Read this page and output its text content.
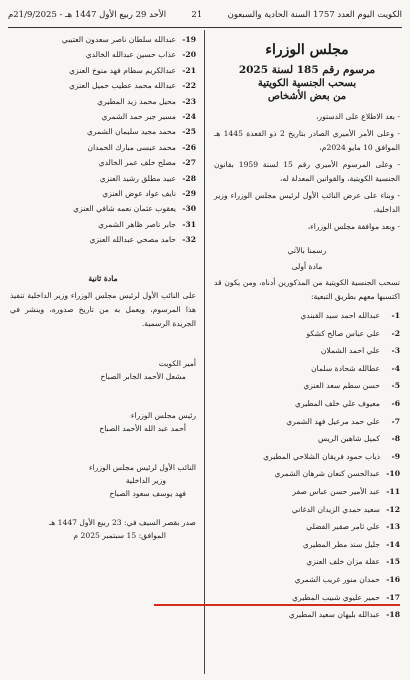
الكويت اليوم العدد 1757 السنة الحادية والسبعون
21
الأحد 29 ربيع الأول 1447 هـ - 21/9/2025م
مجلس الوزراء
مرسوم رقم 185 لسنة 2025
بسحب الجنسية الكويتية
من بعض الأشخاص

- بعد الاطلاع على الدستور،

- وعلى الأمر الأميري الصادر بتاريخ 2 ذو القعدة 1445 هـ الموافق 10 مايو 2024م،

- وعلى المرسوم الأميري رقم 15 لسنة 1959 بقانون الجنسية الكويتية، والقوانين المعدلة له،

- وبناء على عرض النائب الأول لرئيس مجلس الوزراء وزير الداخلية،

- وبعد موافقة مجلس الوزراء،

رسمنا بالآتي

مادة أولى

تسحب الجنسية الكويتية من المذكورين أدناه، ومن يكون قد اكتسبها معهم بطريق التبعية:

1-
عبدالله احمد سيد القبندي
2-
علي عباس صالح كشكو
3-
علي احمد الشملان
4-
عطالله شحادة سلمان
5-
حسن سطم سعد العنزي
6-
معيوف علي خلف المطيري
7-
علي حمد مرعيل فهد الشمري
8-
كميل شاهين الريس
9-
ذياب حمود فريقان الشلاحي المطيري
10-
عبدالحسن كنعان شرهان الشمري
11-
عبد الأمير حسن عباس صفر
12-
سعيد حمدي الزيدان الدغاني
13-
علي ثامر صقير الفضلي
14-
جليل سند مطر المطيري
15-
عقلة مزان خلف العنزي
16-
حمدان منور غريب الشمري
17-
حمير عليوي شبيب المطيري
18-
عبدالله بليهان سعيد المطيري
19-
عبدالله سلطان ناصر سعدون العتيبي
20-
عذاب حسين عبدالله الخالدي
21-
عبدالكريم سطام فهد منوخ العنزي
22-
عبدالله محمد عطيب حميل العنزي
23-
محيل محمد زيد المطيري
24-
مسير جبر حمد الشمري
25-
محمد مجيد سليمان الشمري
26-
محمد عيسى مبارك الحمدان
27-
مصلح خلف عمر الخالدي
28-
عبيد مطلق رشيد العنزي
29-
نايف عواد عوض العنزي
30-
يعقوب عثمان نعمه شافي العنزي
31-
جابر ناصر ظاهر الشمري
32-
حامد مصحي عبدالله العنزي

مادة ثانية

على النائب الأول لرئيس مجلس الوزراء وزير الداخلية تنفيذ هذا المرسوم، ويعمل به من تاريخ صدوره، وينشر في الجريدة الرسمية.

أمير الكويت

مشعل الأحمد الجابر الصباح

رئيس مجلس الوزراء

أحمد عبد الله الأحمد الصباح

النائب الأول لرئيس مجلس الوزراء

وزير الداخلية

فهد يوسف سعود الصباح

صدر بقصر السيف في: 23 ربيع الأول 1447 هـ

الموافق: 15 سبتمبر 2025 م
